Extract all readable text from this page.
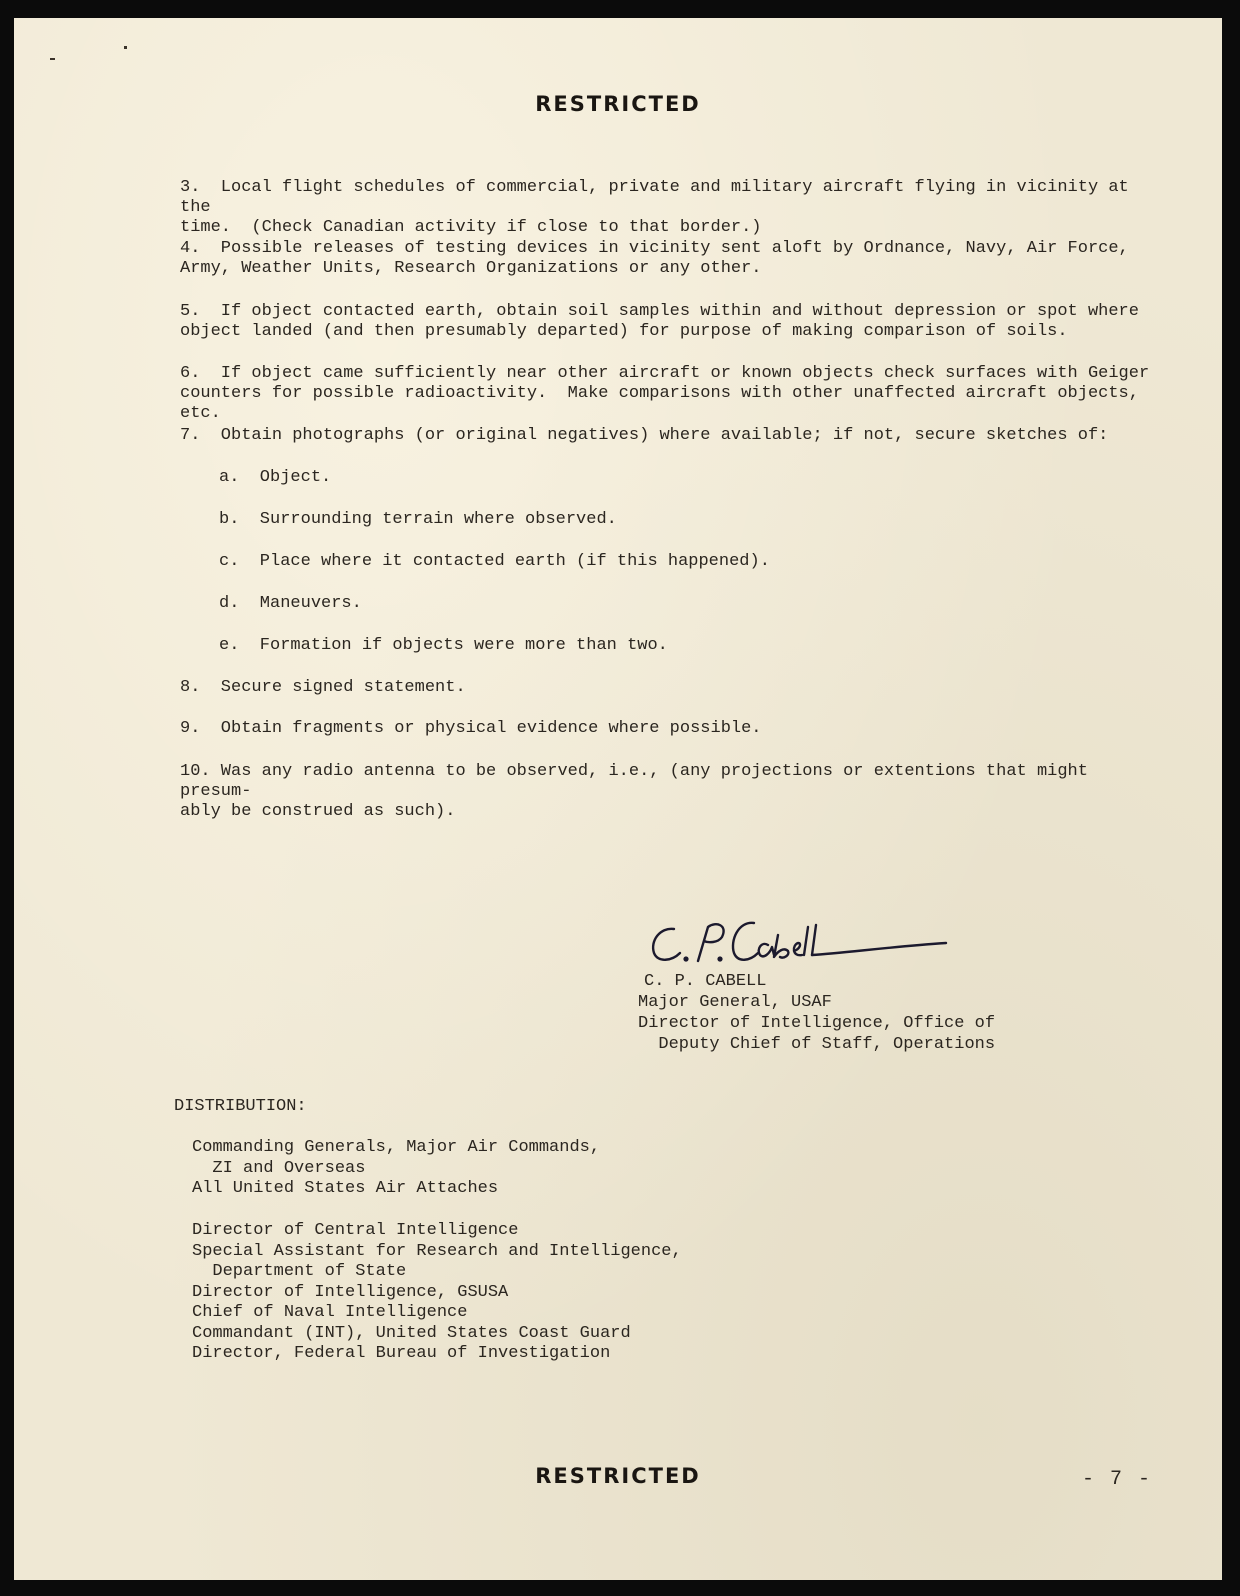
RESTRICTED

3.  Local flight schedules of commercial, private and military aircraft flying in vicinity at the
time.  (Check Canadian activity if close to that border.)

4.  Possible releases of testing devices in vicinity sent aloft by Ordnance, Navy, Air Force,
Army, Weather Units, Research Organizations or any other.

5.  If object contacted earth, obtain soil samples within and without depression or spot where
object landed (and then presumably departed) for purpose of making comparison of soils.

6.  If object came sufficiently near other aircraft or known objects check surfaces with Geiger
counters for possible radioactivity.  Make comparisons with other unaffected aircraft objects, etc.

7.  Obtain photographs (or original negatives) where available; if not, secure sketches of:

a.  Object.

b.  Surrounding terrain where observed.

c.  Place where it contacted earth (if this happened).

d.  Maneuvers.

e.  Formation if objects were more than two.

8.  Secure signed statement.

9.  Obtain fragments or physical evidence where possible.

10. Was any radio antenna to be observed, i.e., (any projections or extentions that might presum-
ably be construed as such).

C. P. CABELL
Major General, USAF
Director of Intelligence, Office of
Deputy Chief of Staff, Operations
DISTRIBUTION:
Commanding Generals, Major Air Commands,
ZI and Overseas
All United States Air Attaches
Director of Central Intelligence
Special Assistant for Research and Intelligence,
Department of State
Director of Intelligence, GSUSA
Chief of Naval Intelligence
Commandant (INT), United States Coast Guard
Director, Federal Bureau of Investigation
RESTRICTED	- 7 -
